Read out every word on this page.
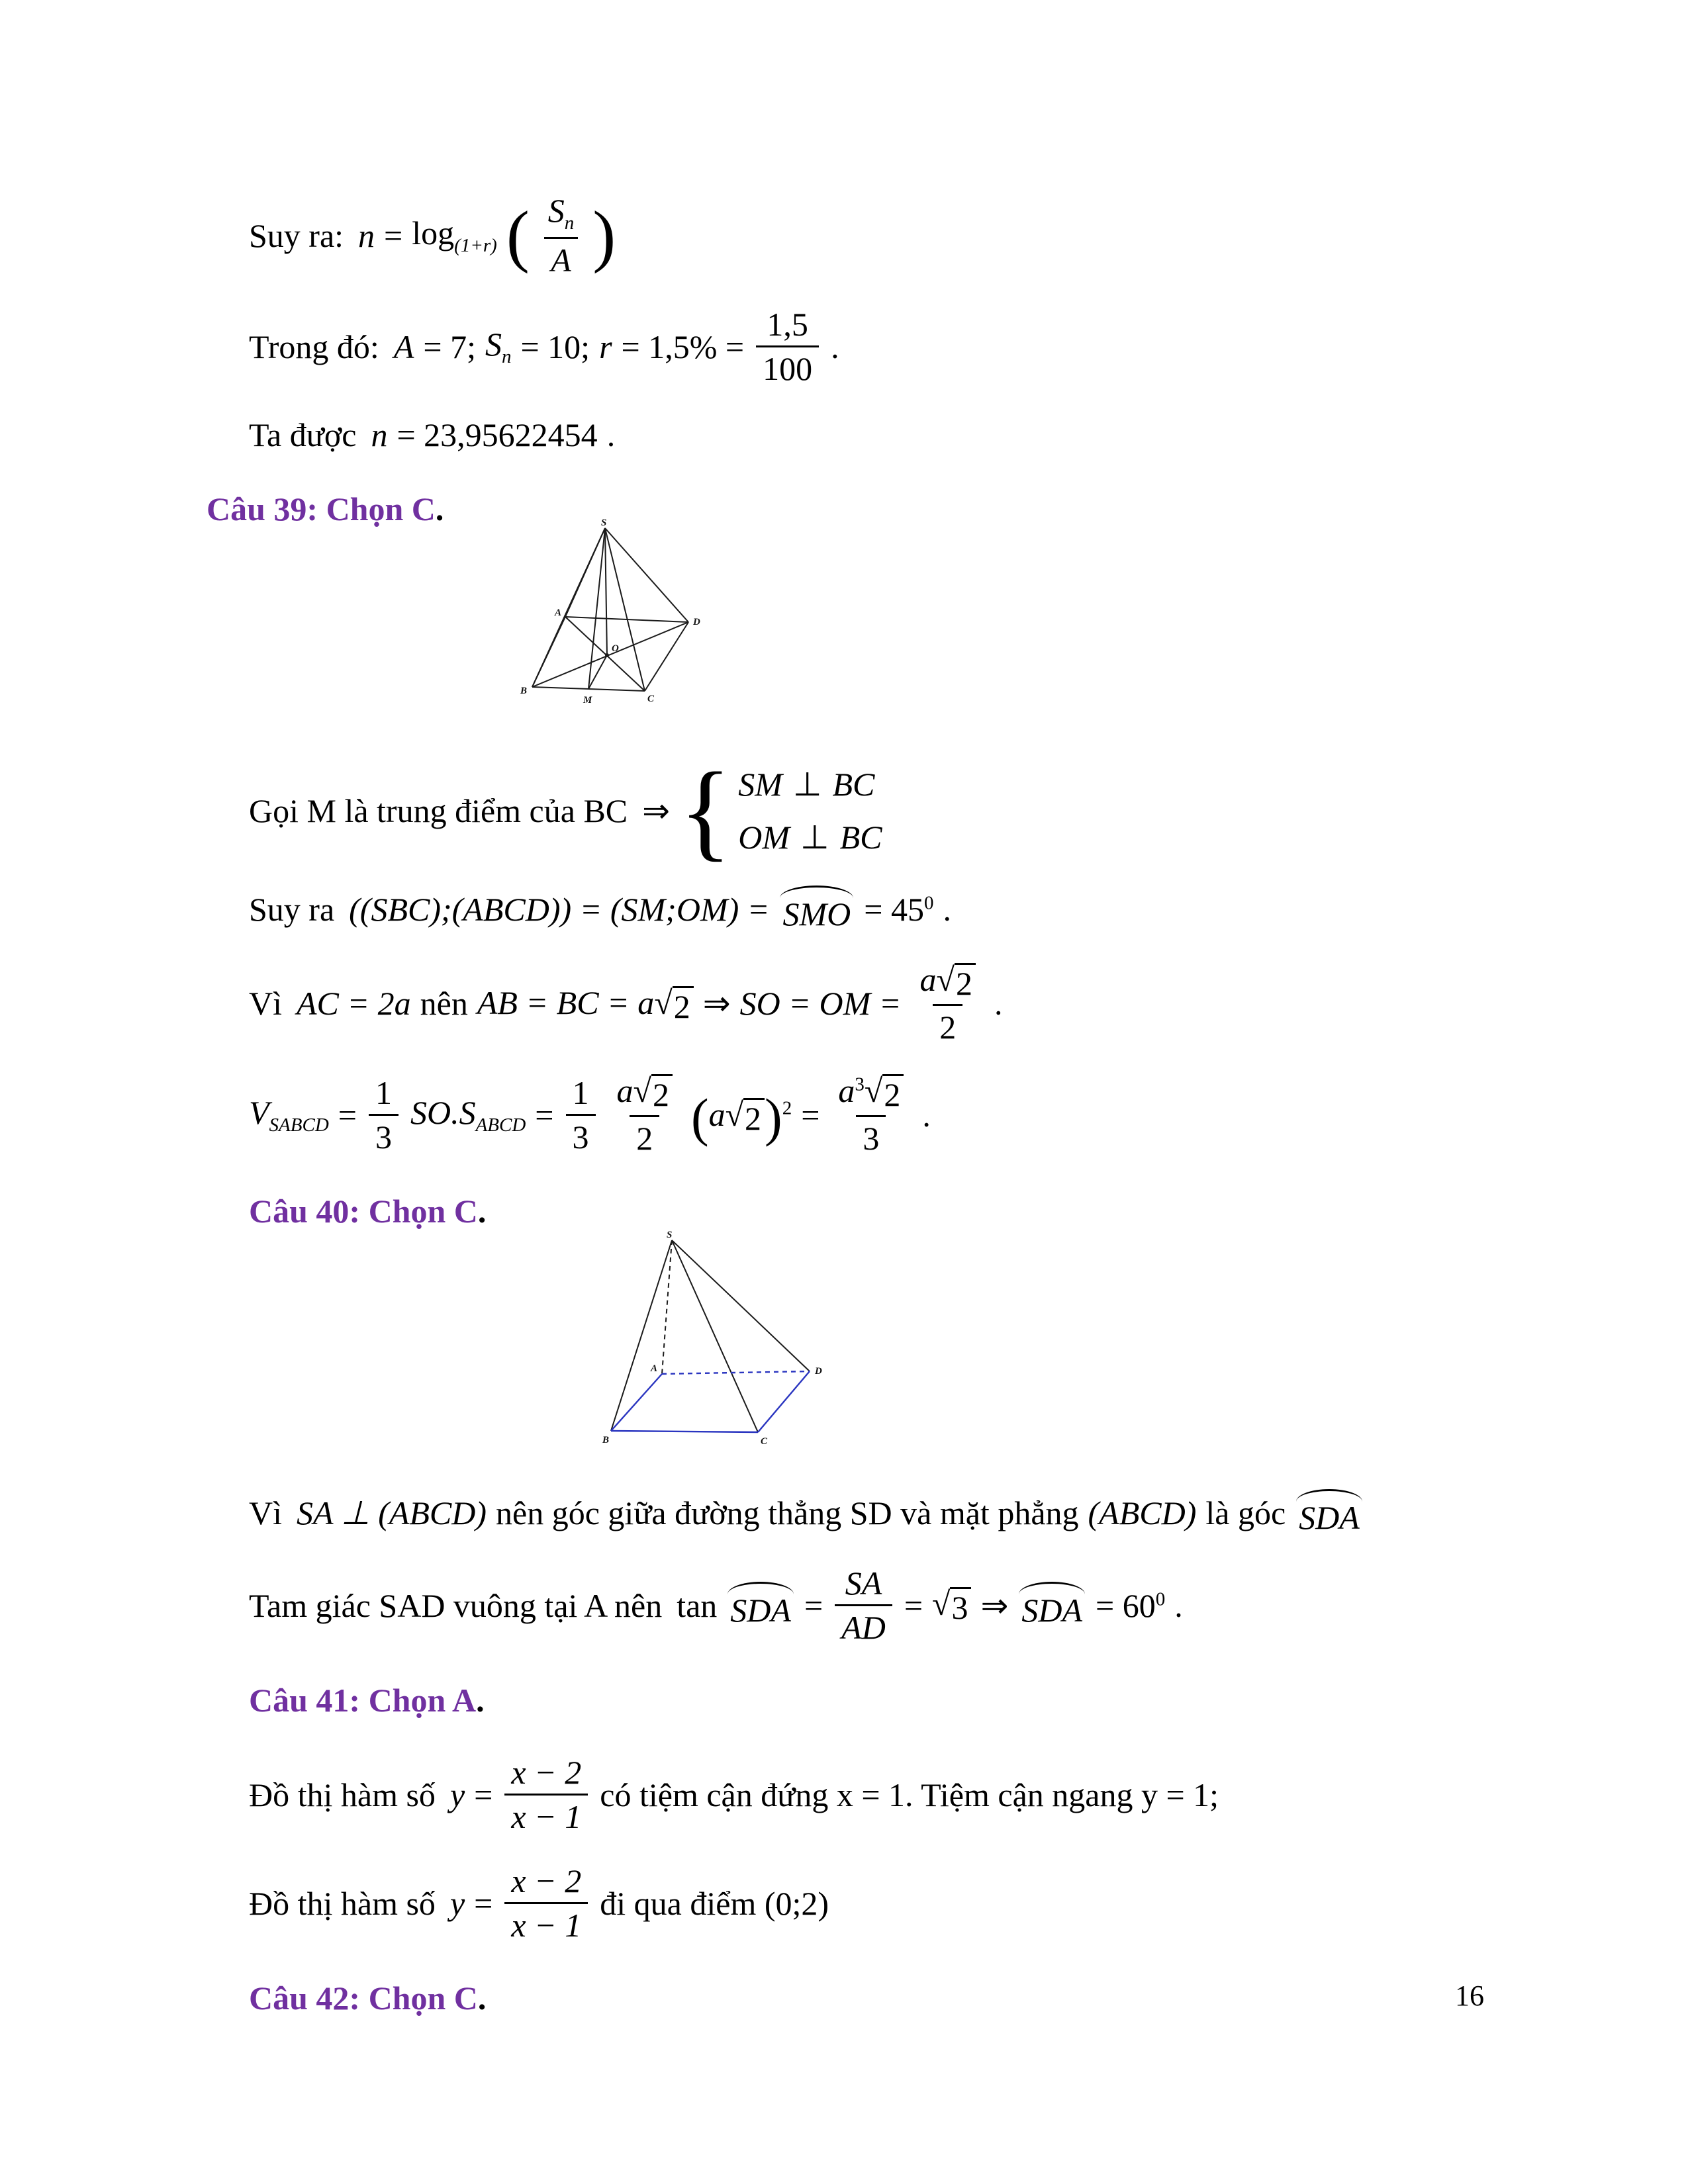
Suy ra: $n = \log_{(1+r)}$ ( $\frac{S_n}{A}$ )
Trong đó: A = 7; $S_n = 10$; $r = 1,5\% = \frac{1,5}{100}$ .
Ta được n = 23,95622454 .
Câu 39: Chọn C.	S
A
D
B
C
M
O
Gọi M là trung điểm của BC ⇒ { SM ⊥ BC
OM ⊥ BC
Suy ra ((SBC);(ABCD)) = (SM;OM) = SMO = $45^0$ .
Vì AC = 2a nên AB = BC = a √ 2 ⇒ SO = OM = $\frac{a √ 2}{2}$ .
$V_{SABCD} = \frac{1}{3} SO.S_{ABCD} = \frac{1}{3} \frac{a √ 2}{2} (a$ √ 2 )$^2 = \frac{a^3 √ 2}{3}$ .
Câu 40: Chọn C.
S
A
B	C
D
Vì SA ⊥ (ABCD) nên góc giữa đường thẳng SD và mặt phẳng (ABCD) là góc SDA
Tam giác SAD vuông tại A nên tan SDA = $\frac{SA}{AD}$ = √ 3 ⇒ SDA = $60^0$ .
Câu 41: Chọn A.
Đồ thị hàm số $y = \frac{x - 2}{x - 1}$ có tiệm cận đứng x = 1. Tiệm cận ngang y = 1;
Đồ thị hàm số $y = \frac{x - 2}{x - 1}$ đi qua điểm (0;2)
Câu 42: Chọn C.	16
